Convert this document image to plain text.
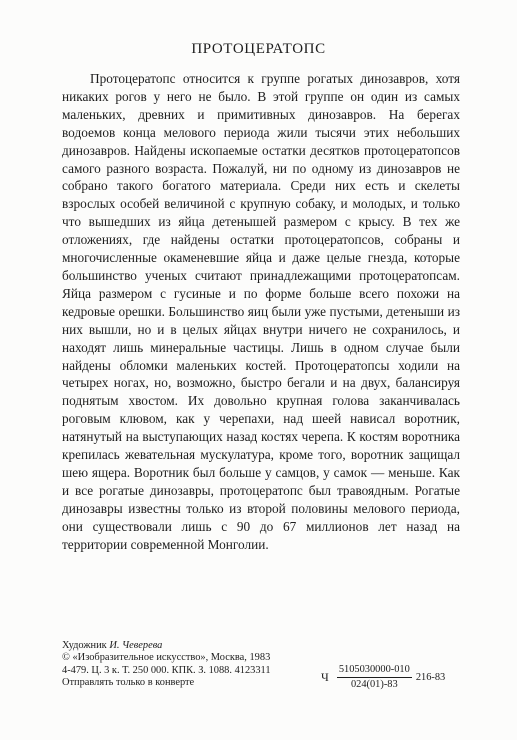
ПРОТОЦЕРАТОПС

Протоцератопс относится к группе рогатых динозавров, хотя никаких рогов у него не было. В этой группе он один из самых маленьких, древних и примитивных динозавров. На берегах водоемов конца мелового периода жили тысячи этих небольших динозавров. Найдены ископаемые остатки десятков протоцератопсов самого разного возраста. Пожалуй, ни по одному из динозавров не собрано такого богатого материала. Среди них есть и скелеты взрослых особей величиной с крупную собаку, и молодых, и только что вышедших из яйца детенышей размером с крысу. В тех же отложениях, где найдены остатки протоцератопсов, собраны и многочисленные окаменевшие яйца и даже целые гнезда, которые большинство ученых считают принадлежащими протоцератопсам. Яйца размером с гусиные и по форме больше всего похожи на кедровые орешки. Большинство яиц были уже пустыми, детеныши из них вышли, но и в целых яйцах внутри ничего не сохранилось, и находят лишь минеральные частицы. Лишь в одном случае были найдены обломки маленьких костей. Протоцератопсы ходили на четырех ногах, но, возможно, быстро бегали и на двух, балансируя поднятым хвостом. Их довольно крупная голова заканчивалась роговым клювом, как у черепахи, над шеей нависал воротник, натянутый на выступающих назад костях черепа. К костям воротника крепилась жевательная мускулатура, кроме того, воротник защищал шею ящера. Воротник был больше у самцов, у самок — меньше. Как и все рогатые динозавры, протоцератопс был травоядным. Рогатые динозавры известны только из второй половины мелового периода, они существовали лишь с 90 до 67 миллионов лет назад на территории современной Монголии.

Художник И. Чеверева
© «Изобразительное искусство», Москва, 1983
4-479. Ц. 3 к. Т. 250 000. КПК. З. 1088. 4123311
Отправлять только в конверте	Ч $\frac{5105030000-010}{024(01)-83} 216-83$
